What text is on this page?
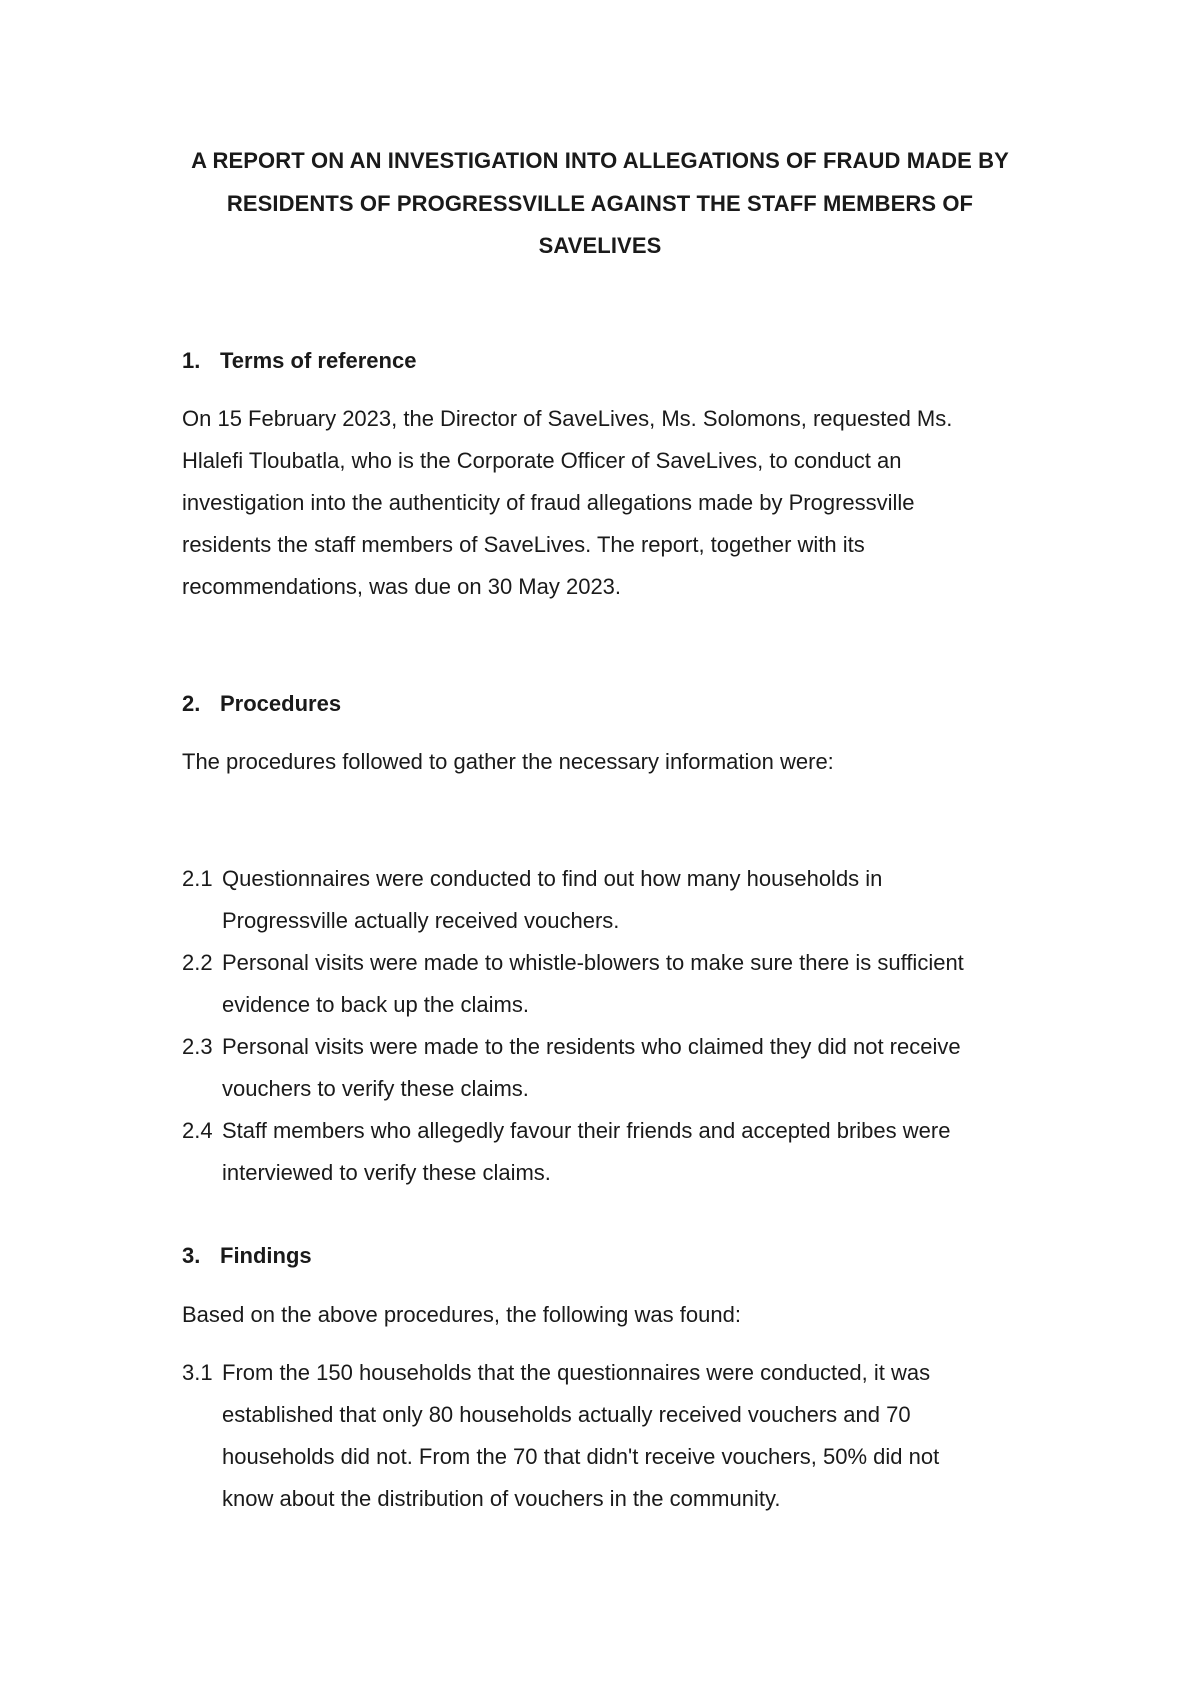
A REPORT ON AN INVESTIGATION INTO ALLEGATIONS OF FRAUD MADE BY
RESIDENTS OF PROGRESSVILLE AGAINST THE STAFF MEMBERS OF
SAVELIVES
1. Terms of reference
On 15 February 2023, the Director of SaveLives, Ms. Solomons, requested Ms.
Hlalefi Tloubatla, who is the Corporate Officer of SaveLives, to conduct an
investigation into the authenticity of fraud allegations made by Progressville
residents the staff members of SaveLives. The report, together with its
recommendations, was due on 30 May 2023.
2. Procedures
The procedures followed to gather the necessary information were:
2.1 Questionnaires were conducted to find out how many households in
Progressville actually received vouchers.
2.2 Personal visits were made to whistle-blowers to make sure there is sufficient
evidence to back up the claims.
2.3 Personal visits were made to the residents who claimed they did not receive
vouchers to verify these claims.
2.4 Staff members who allegedly favour their friends and accepted bribes were
interviewed to verify these claims.
3. Findings
Based on the above procedures, the following was found:
3.1 From the 150 households that the questionnaires were conducted, it was
established that only 80 households actually received vouchers and 70
households did not. From the 70 that didn't receive vouchers, 50% did not
know about the distribution of vouchers in the community.
